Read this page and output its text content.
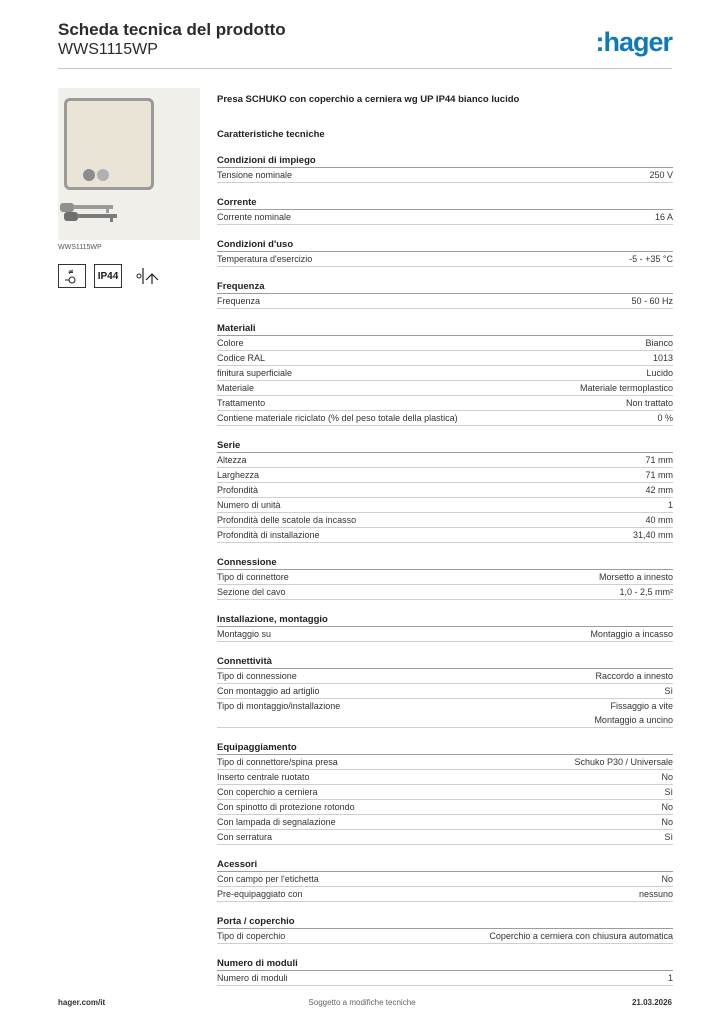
Scheda tecnica del prodotto
WWS1115WP	:hager
WWS1115WP
≠	IP44
Presa SCHUKO con coperchio a cerniera wg UP IP44 bianco lucido
Caratteristiche tecniche
Condizioni di impiego
Tensione nominale	250 V
Corrente
Corrente nominale	16 A
Condizioni d'uso
Temperatura d'esercizio	-5 - +35 °C
Frequenza
Frequenza	50 - 60 Hz
Materiali
Colore	Bianco
Codice RAL	1013
finitura superficiale	Lucido
Materiale	Materiale termoplastico
Trattamento	Non trattato
Contiene materiale riciclato (% del peso totale della plastica)	0 %
Serie
Altezza	71 mm
Larghezza	71 mm
Profondità	42 mm
Numero di unità	1
Profondità delle scatole da incasso	40 mm
Profondità di installazione	31,40 mm
Connessione
Tipo di connettore	Morsetto a innesto
Sezione del cavo	1,0 - 2,5 mm²
Installazione, montaggio
Montaggio su	Montaggio a incasso
Connettività
Tipo di connessione	Raccordo a innesto
Con montaggio ad artiglio	Sì
Tipo di montaggio/installazione	Fissaggio a vite
Montaggio a uncino
Equipaggiamento
Tipo di connettore/spina presa	Schuko P30 / Universale
Inserto centrale ruotato	No
Con coperchio a cerniera	Sì
Con spinotto di protezione rotondo	No
Con lampada di segnalazione	No
Con serratura	Sì
Acessori
Con campo per l'etichetta	No
Pre-equipaggiato con	nessuno
Porta / coperchio
Tipo di coperchio	Coperchio a cerniera con chiusura automatica
Numero di moduli
Numero di moduli	1
hager.com/it	Soggetto a modifiche tecniche	21.03.2026
